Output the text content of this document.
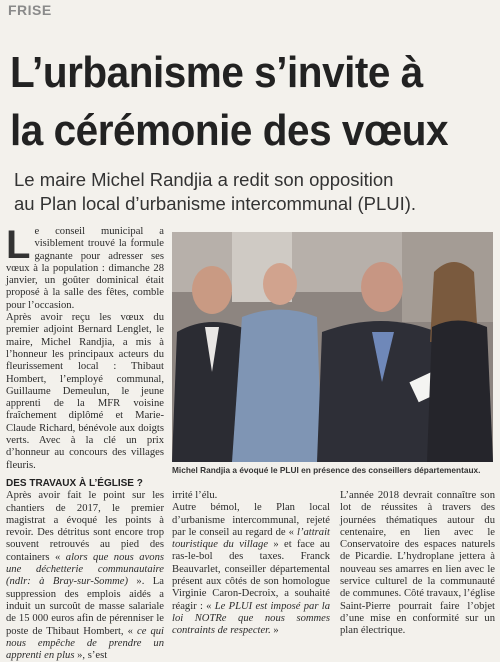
FRISE
L’urbanisme s’invite à
la cérémonie des vœux
Le maire Michel Randjia a redit son opposition
au Plan local d’urbanisme intercommunal (PLUI).

Le conseil municipal a visiblement trouvé la formule gagnante pour adresser ses vœux à la population : dimanche 28 janvier, un goûter dominical était proposé à la salle des fêtes, comble pour l’occasion.

Après avoir reçu les vœux du premier adjoint Bernard Lenglet, le maire, Michel Randjia, a mis à l’honneur les principaux acteurs du fleurissement local : Thibaut Hombert, l’employé communal, Guillaume Demeulun, le jeune apprenti de la MFR voisine fraîchement diplômé et Marie-Claude Richard, bénévole aux doigts verts. Avec à la clé un prix d’honneur au concours des villages fleuris.

DES TRAVAUX À L’ÉGLISE ?

Après avoir fait le point sur les chantiers de 2017, le premier magistrat a évoqué les points à revoir. Des détritus sont encore trop souvent retrouvés au pied des containers « alors que nous avons une déchetterie communautaire (ndlr: à Bray-sur-Somme) ». La suppression des emplois aidés a induit un surcoût de masse salariale de 15 000 euros afin de pérenniser le poste de Thibaut Hombert, « ce qui nous empêche de prendre un apprenti en plus », s’est

Michel Randjia a évoqué le PLUI en présence des conseillers départementaux.

irrité l’élu.

Autre bémol, le Plan local d’urbanisme intercommunal, rejeté par le conseil au regard de « l’attrait touristique du village » et face au ras-le-bol des taxes. Franck Beauvarlet, conseiller départemental présent aux côtés de son homologue Virginie Caron-Decroix, a souhaité réagir : « Le PLUI est imposé par la loi NOTRe que nous sommes contraints de respecter. »

L’année 2018 devrait connaître son lot de réussites à travers des journées thématiques autour du centenaire, en lien avec le Conservatoire des espaces naturels de Picardie. L’hydroplane jettera à nouveau ses amarres en lien avec le service culturel de la communauté de communes. Côté travaux, l’église Saint-Pierre pourrait faire l’objet d’une mise en conformité sur un plan électrique.
